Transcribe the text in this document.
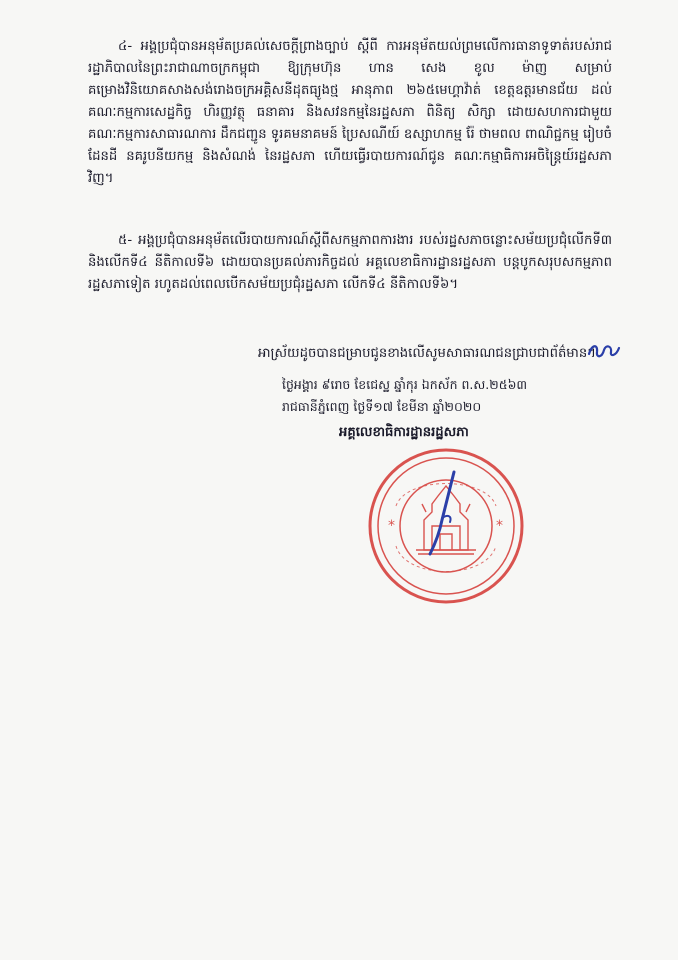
៤- អង្គប្រជុំបានអនុម័តប្រគល់សេចក្តីព្រាងច្បាប់ ស្តីពី ការអនុម័តយល់ព្រមលើការធានាទូទាត់របស់រាជរដ្ឋាភិបាលនៃព្រះរាជាណាចក្រកម្ពុជា ឱ្យក្រុមហ៊ុន ហាន សេង ខូល ម៉ាញ សម្រាប់គម្រោងវិនិយោគសាងសង់រោងចក្រអគ្គិសនីដុតធ្យូងថ្ម អានុភាព ២៦៥មេហ្គាវ៉ាត់ ខេត្តឧត្តរមានជ័យ ដល់គណៈកម្មការសេដ្ឋកិច្ច ហិរញ្ញវត្ថុ ធនាគារ និងសវនកម្មនៃរដ្ឋសភា ពិនិត្យ សិក្សា ដោយសហការជាមួយគណៈកម្មការសាធារណការ ដឹកជញ្ជូន ទូរគមនាគមន៍ ប្រៃសណីយ៍ ឧស្សាហកម្ម រ៉ែ ថាមពល ពាណិជ្ជកម្ម រៀបចំដែនដី នគរូបនីយកម្ម និងសំណង់ នៃរដ្ឋសភា ហើយធ្វើរបាយការណ៍ជូន គណៈកម្មាធិការអចិន្ត្រៃយ៍រដ្ឋសភា វិញ។
៥- អង្គប្រជុំបានអនុម័តលើរបាយការណ៍ស្តីពីសកម្មភាពការងារ របស់រដ្ឋសភាចន្លោះសម័យប្រជុំលើកទី៣ និងលើកទី៤ នីតិកាលទី៦ ដោយបានប្រគល់ភារកិច្ចដល់ អគ្គលេខាធិការដ្ឋានរដ្ឋសភា បន្តបូកសរុបសកម្មភាពរដ្ឋសភាទៀត រហូតដល់ពេលបើកសម័យប្រជុំរដ្ឋសភា លើកទី៤ នីតិកាលទី៦។
អាស្រ័យដូចបានជម្រាបជូនខាងលើសូមសាធារណជនជ្រាបជាព័ត៌មាន។
ថ្ងៃអង្គារ ៩រោច ខែជេស្ឋ ឆ្នាំកុរ ឯកស័ក ព.ស.២៥៦៣
រាជធានីភ្នំពេញ ថ្ងៃទី១៧ ខែមីនា ឆ្នាំ២០២០
អគ្គលេខាធិការដ្ឋានរដ្ឋសភា
*	*
